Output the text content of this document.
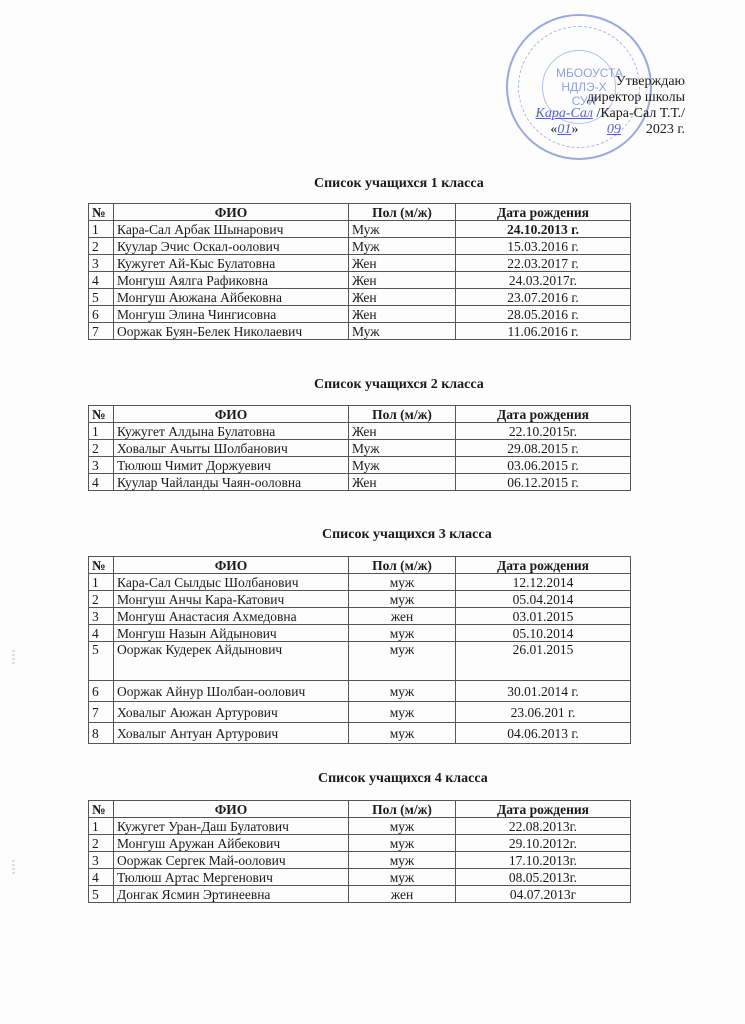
МБООУСТА
НДЛЭ-Х СУИ
Утверждаю
директор школы
Кара-Сал /Кара-Сал Т.Т./
«01» 09 2023 г.
Список учащихся 1 класса
№	ФИО	Пол (м/ж)	Дата рождения
1	Кара-Сал Арбак Шынарович	Муж	24.10.2013 г.
2	Куулар Эчис Оскал-оолович	Муж	15.03.2016 г.
3	Кужугет Ай-Кыс Булатовна	Жен	22.03.2017 г.
4	Монгуш Аялга Рафиковна	Жен	24.03.2017г.
5	Монгуш Аюжана Айбековна	Жен	23.07.2016 г.
6	Монгуш Элина Чингисовна	Жен	28.05.2016 г.
7	Ооржак Буян-Белек Николаевич	Муж	11.06.2016 г.
Список учащихся 2 класса
№	ФИО	Пол (м/ж)	Дата рождения
1	Кужугет Алдына Булатовна	Жен	22.10.2015г.
2	Ховалыг Ачыты Шолбанович	Муж	29.08.2015 г.
3	Тюлюш Чимит Доржуевич	Муж	03.06.2015 г.
4	Куулар Чайланды Чаян-ооловна	Жен	06.12.2015 г.
Список учащихся 3 класса
№	ФИО	Пол (м/ж)	Дата рождения
1	Кара-Сал Сылдыс Шолбанович	муж	12.12.2014
2	Монгуш Анчы Кара-Катович	муж	05.04.2014
3	Монгуш Анастасия Ахмедовна	жен	03.01.2015
4	Монгуш Назын Айдынович	муж	05.10.2014
5	Ооржак Кудерек Айдынович	муж	26.01.2015
6	Ооржак Айнур Шолбан-оолович	муж	30.01.2014 г.
7	Ховалыг Аюжан Артурович	муж	23.06.201 г.
8	Ховалыг Антуан Артурович	муж	04.06.2013 г.
Список учащихся 4 класса
№	ФИО	Пол (м/ж)	Дата рождения
1	Кужугет Уран-Даш Булатович	муж	22.08.2013г.
2	Монгуш Аружан Айбекович	муж	29.10.2012г.
3	Ооржак Сергек Май-оолович	муж	17.10.2013г.
4	Тюлюш Артас Мергенович	муж	08.05.2013г.
5	Донгак Ясмин Эртинеевна	жен	04.07.2013г
